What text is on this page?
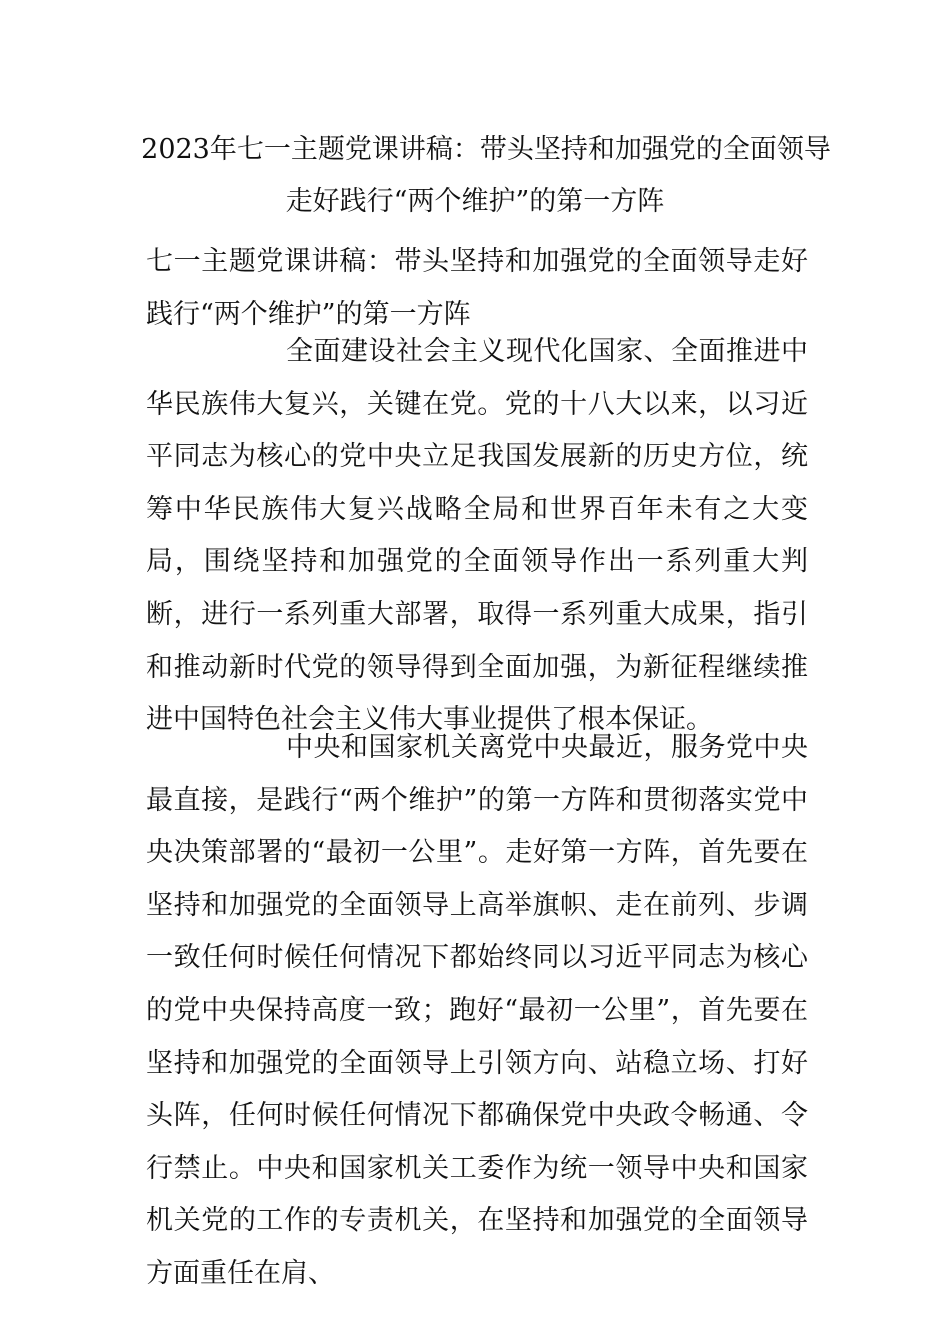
2023年七一主题党课讲稿：带头坚持和加强党的全面领导
走好践行“两个维护”的第一方阵

七一主题党课讲稿：带头坚持和加强党的全面领导走好践行“两个维护”的第一方阵

全面建设社会主义现代化国家、全面推进中华民族伟大复兴，关键在党。党的十八大以来，以习近平同志为核心的党中央立足我国发展新的历史方位，统筹中华民族伟大复兴战略全局和世界百年未有之大变局，围绕坚持和加强党的全面领导作出一系列重大判断，进行一系列重大部署，取得一系列重大成果，指引和推动新时代党的领导得到全面加强，为新征程继续推进中国特色社会主义伟大事业提供了根本保证。

中央和国家机关离党中央最近，服务党中央最直接，是践行“两个维护”的第一方阵和贯彻落实党中央决策部署的“最初一公里”。走好第一方阵，首先要在坚持和加强党的全面领导上高举旗帜、走在前列、步调一致任何时候任何情况下都始终同以习近平同志为核心的党中央保持高度一致；跑好“最初一公里”，首先要在坚持和加强党的全面领导上引领方向、站稳立场、打好头阵，任何时候任何情况下都确保党中央政令畅通、令行禁止。中央和国家机关工委作为统一领导中央和国家机关党的工作的专责机关，在坚持和加强党的全面领导方面重任在肩、
